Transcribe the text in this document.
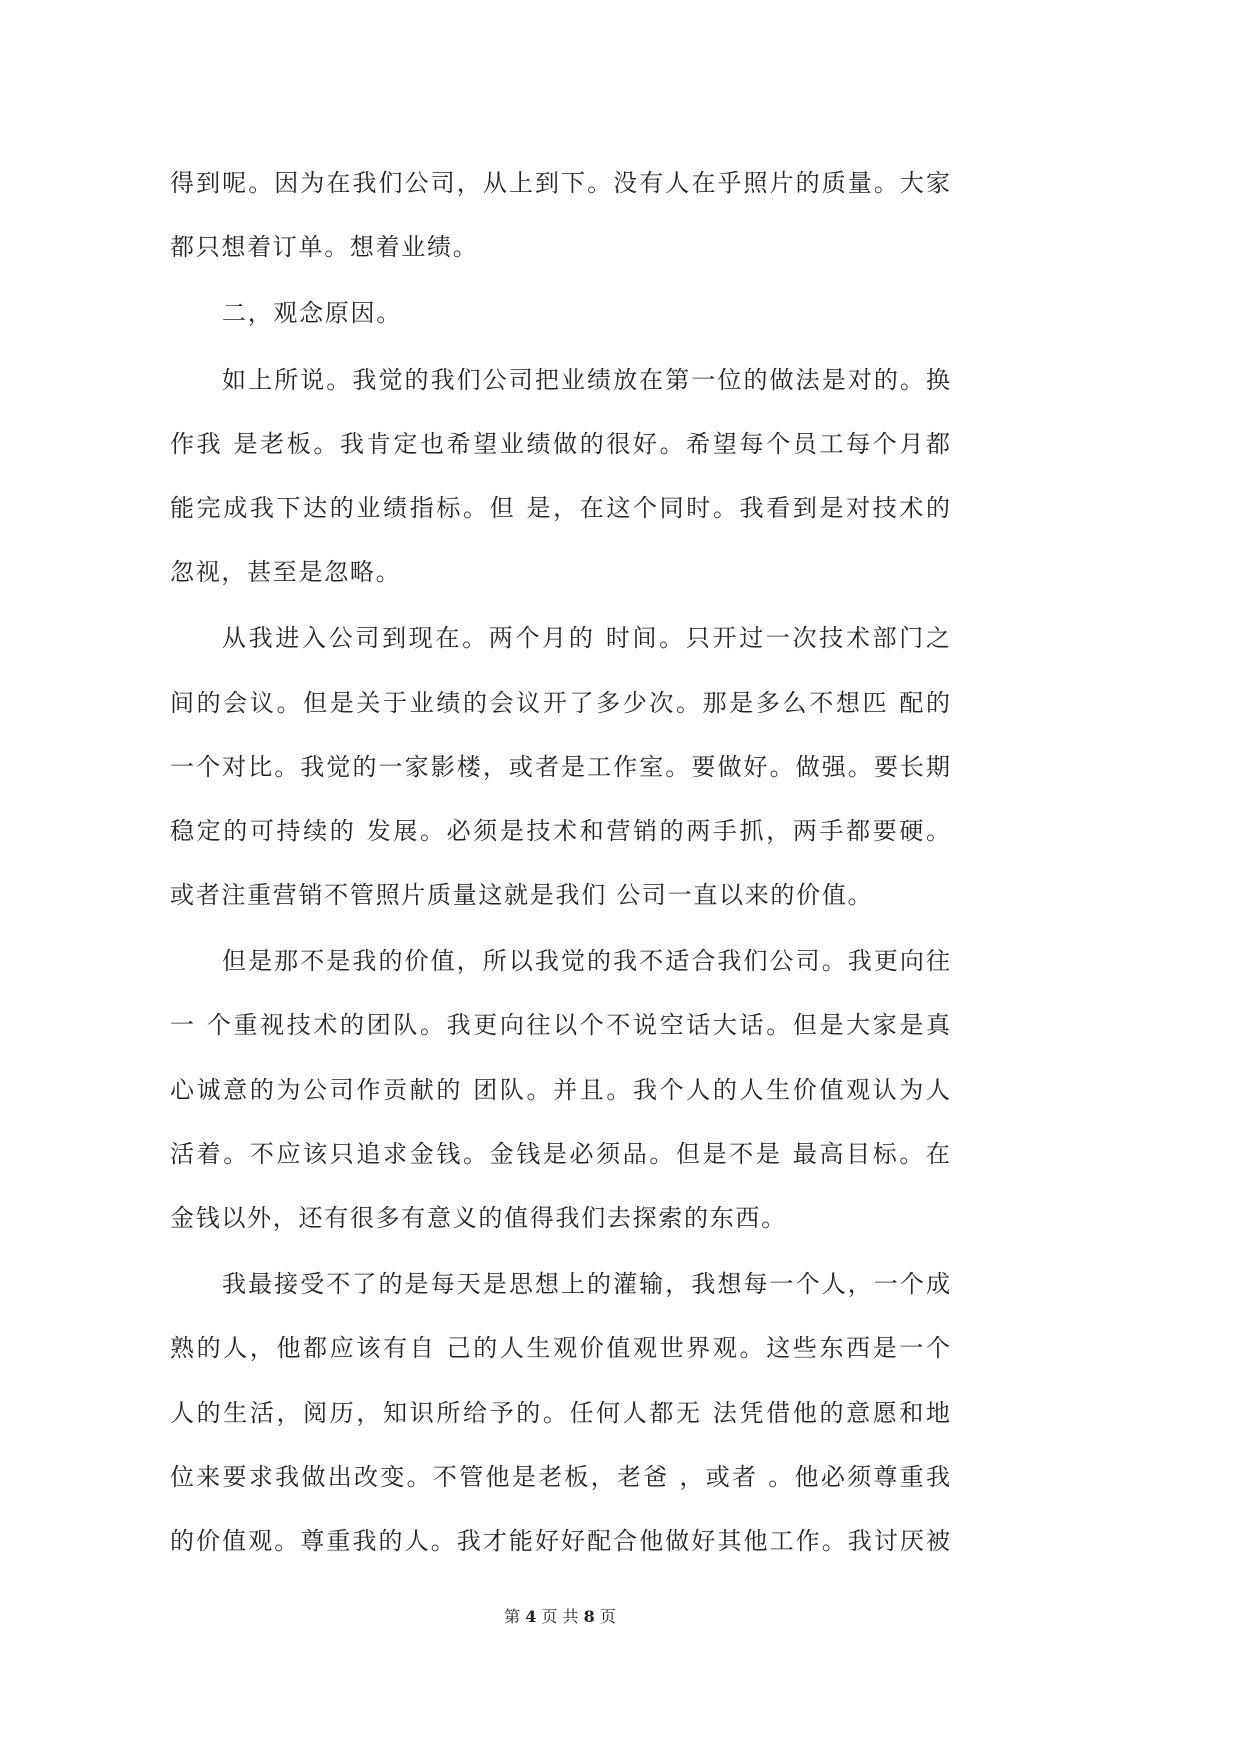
得到呢。因为在我们公司，从上到下。没有人在乎照片的质量。大家
都只想着订单。想着业绩。
二，观念原因。
如上所说。我觉的我们公司把业绩放在第一位的做法是对的。换
作我 是老板。我肯定也希望业绩做的很好。希望每个员工每个月都
能完成我下达的业绩指标。但 是，在这个同时。我看到是对技术的
忽视，甚至是忽略。
从我进入公司到现在。两个月的 时间。只开过一次技术部门之
间的会议。但是关于业绩的会议开了多少次。那是多么不想匹 配的
一个对比。我觉的一家影楼，或者是工作室。要做好。做强。要长期
稳定的可持续的 发展。必须是技术和营销的两手抓，两手都要硬。
或者注重营销不管照片质量这就是我们 公司一直以来的价值。
但是那不是我的价值，所以我觉的我不适合我们公司。我更向往
一 个重视技术的团队。我更向往以个不说空话大话。但是大家是真
心诚意的为公司作贡献的 团队。并且。我个人的人生价值观认为人
活着。不应该只追求金钱。金钱是必须品。但是不是 最高目标。在
金钱以外，还有很多有意义的值得我们去探索的东西。
我最接受不了的是每天是思想上的灌输，我想每一个人，一个成
熟的人，他都应该有自 己的人生观价值观世界观。这些东西是一个
人的生活，阅历，知识所给予的。任何人都无 法凭借他的意愿和地
位来要求我做出改变。不管他是老板，老爸 ，或者 。他必须尊重我
的价值观。尊重我的人。我才能好好配合他做好其他工作。我讨厌被
第 4 页 共 8 页
